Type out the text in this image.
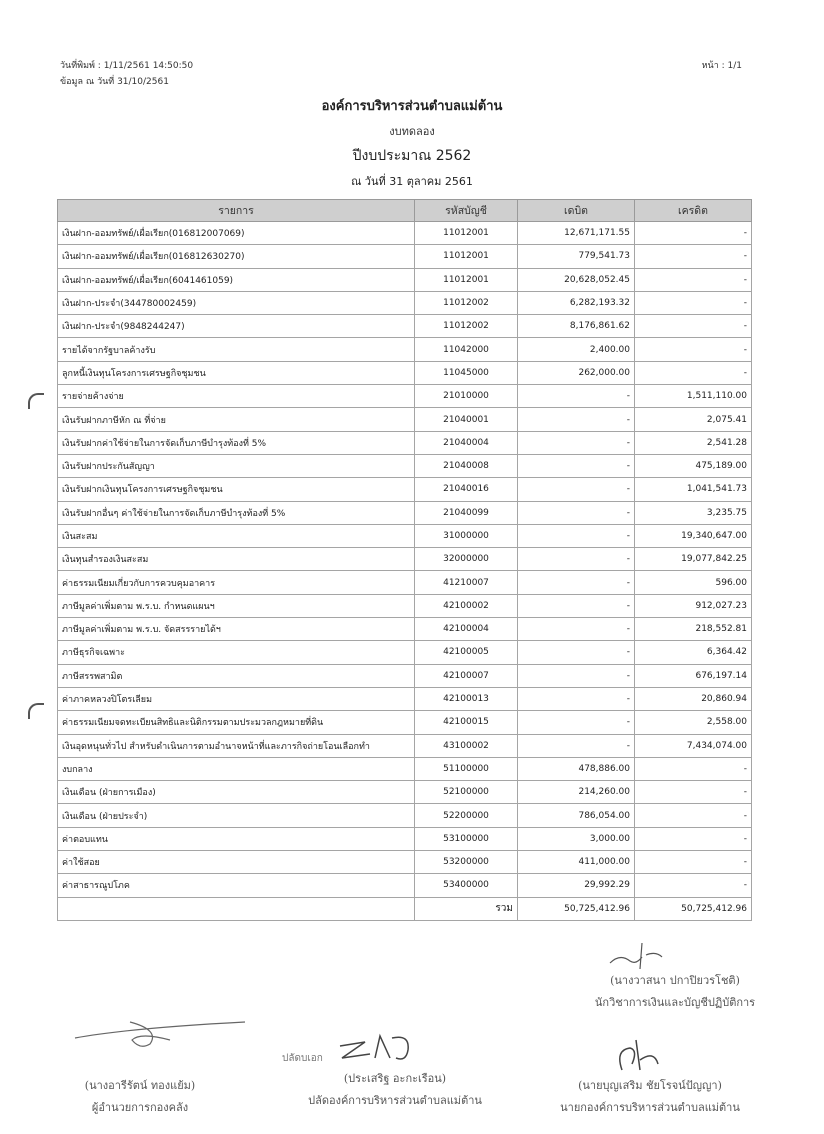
วันที่พิมพ์ : 1/11/2561 14:50:50
ข้อมูล ณ วันที่ 31/10/2561
หน้า : 1/1
องค์การบริหารส่วนตำบลแม่ต้าน
งบทดลอง
ปีงบประมาณ 2562
ณ วันที่ 31 ตุลาคม 2561
รายการ	รหัสบัญชี	เดบิต	เครดิต
เงินฝาก-ออมทรัพย์/เผื่อเรียก(016812007069)	11012001	12,671,171.55	-
เงินฝาก-ออมทรัพย์/เผื่อเรียก(016812630270)	11012001	779,541.73	-
เงินฝาก-ออมทรัพย์/เผื่อเรียก(6041461059)	11012001	20,628,052.45	-
เงินฝาก-ประจำ(344780002459)	11012002	6,282,193.32	-
เงินฝาก-ประจำ(9848244247)	11012002	8,176,861.62	-
รายได้จากรัฐบาลค้างรับ	11042000	2,400.00	-
ลูกหนี้เงินทุนโครงการเศรษฐกิจชุมชน	11045000	262,000.00	-
รายจ่ายค้างจ่าย	21010000	-	1,511,110.00
เงินรับฝากภาษีหัก ณ ที่จ่าย	21040001	-	2,075.41
เงินรับฝากค่าใช้จ่ายในการจัดเก็บภาษีบำรุงท้องที่ 5%	21040004	-	2,541.28
เงินรับฝากประกันสัญญา	21040008	-	475,189.00
เงินรับฝากเงินทุนโครงการเศรษฐกิจชุมชน	21040016	-	1,041,541.73
เงินรับฝากอื่นๆ ค่าใช้จ่ายในการจัดเก็บภาษีบำรุงท้องที่ 5%	21040099	-	3,235.75
เงินสะสม	31000000	-	19,340,647.00
เงินทุนสำรองเงินสะสม	32000000	-	19,077,842.25
ค่าธรรมเนียมเกี่ยวกับการควบคุมอาคาร	41210007	-	596.00
ภาษีมูลค่าเพิ่มตาม พ.ร.บ. กำหนดแผนฯ	42100002	-	912,027.23
ภาษีมูลค่าเพิ่มตาม พ.ร.บ. จัดสรรรายได้ฯ	42100004	-	218,552.81
ภาษีธุรกิจเฉพาะ	42100005	-	6,364.42
ภาษีสรรพสามิต	42100007	-	676,197.14
ค่าภาคหลวงปิโตรเลียม	42100013	-	20,860.94
ค่าธรรมเนียมจดทะเบียนสิทธิและนิติกรรมตามประมวลกฎหมายที่ดิน	42100015	-	2,558.00
เงินอุดหนุนทั่วไป สำหรับดำเนินการตามอำนาจหน้าที่และภารกิจถ่ายโอนเลือกทำ	43100002	-	7,434,074.00
งบกลาง	51100000	478,886.00	-
เงินเดือน (ฝ่ายการเมือง)	52100000	214,260.00	-
เงินเดือน (ฝ่ายประจำ)	52200000	786,054.00	-
ค่าตอบแทน	53100000	3,000.00	-
ค่าใช้สอย	53200000	411,000.00	-
ค่าสาธารณูปโภค	53400000	29,992.29	-
	รวม	50,725,412.96	50,725,412.96
(นางวาสนา ปกาปิยวรโชติ)
นักวิชาการเงินและบัญชีปฏิบัติการ
(นางอารีรัตน์ ทองแย้ม)
ผู้อำนวยการกองคลัง
ปลัดบเอก
(ประเสริฐ อะกะเรือน)
ปลัดองค์การบริหารส่วนตำบลแม่ต้าน
(นายบุญเสริม ชัยโรจน์ปัญญา)
นายกองค์การบริหารส่วนตำบลแม่ต้าน
